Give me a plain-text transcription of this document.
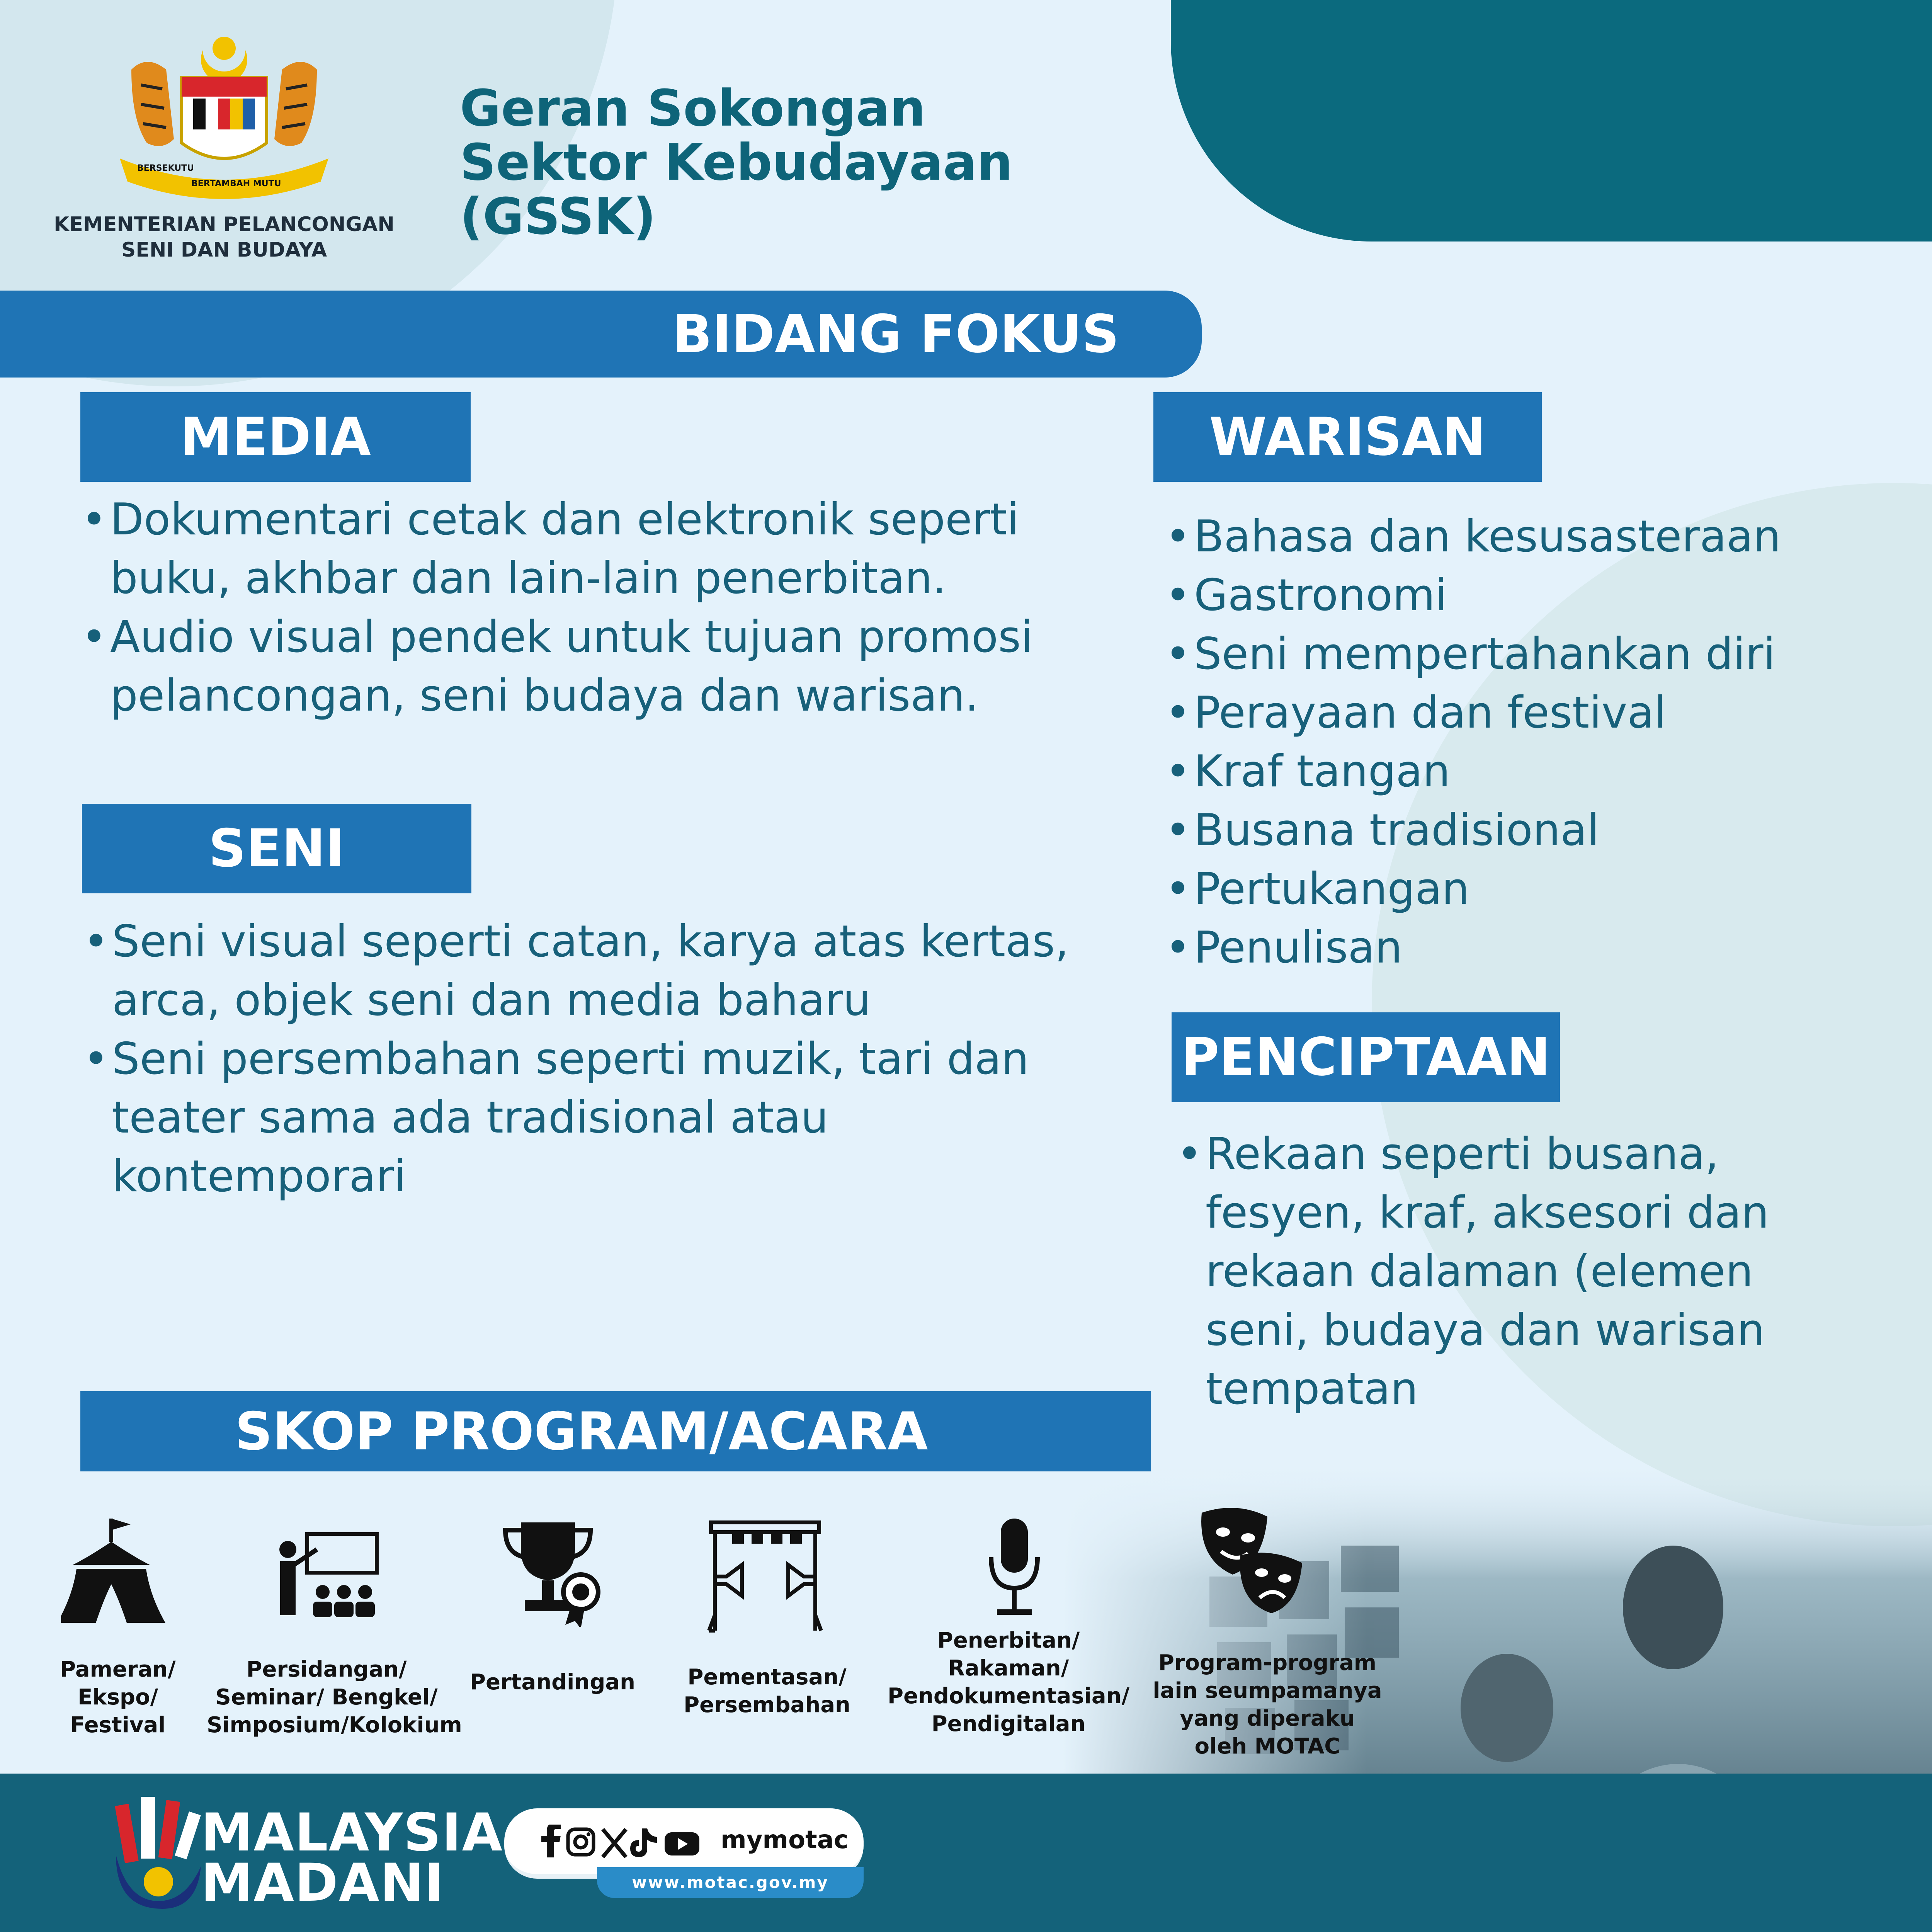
BERSEKUTU
BERTAMBAH MUTU
KEMENTERIAN PELANCONGAN
SENI DAN BUDAYA
Geran Sokongan
Sektor Kebudayaan (GSSK)
BIDANG FOKUS
MEDIA
• Dokumentari cetak dan elektronik seperti buku, akhbar dan lain-lain penerbitan.
• Audio visual pendek untuk tujuan promosi pelancongan, seni budaya dan warisan.
SENI
• Seni visual seperti catan, karya atas kertas, arca, objek seni dan media baharu
• Seni persembahan seperti muzik, tari dan teater sama ada tradisional atau kontemporari
WARISAN
• Bahasa dan kesusasteraan
• Gastronomi
• Seni mempertahankan diri
• Perayaan dan festival
• Kraf tangan
• Busana tradisional
• Pertukangan
• Penulisan
PENCIPTAAN
• Rekaan seperti busana, fesyen, kraf, aksesori dan rekaan dalaman (elemen seni, budaya dan warisan tempatan
SKOP PROGRAM/ACARA
Pameran/
Ekspo/
Festival
Persidangan/
Seminar/ Bengkel/
Simposium/Kolokium
Pertandingan	Pementasan/
Persembahan
Penerbitan/
Rakaman/
Pendokumentasian/
Pendigitalan
Program-program
lain seumpamanya
yang diperaku
oleh MOTAC
MALAYSIA
MADANI
mymotac
www.motac.gov.my
